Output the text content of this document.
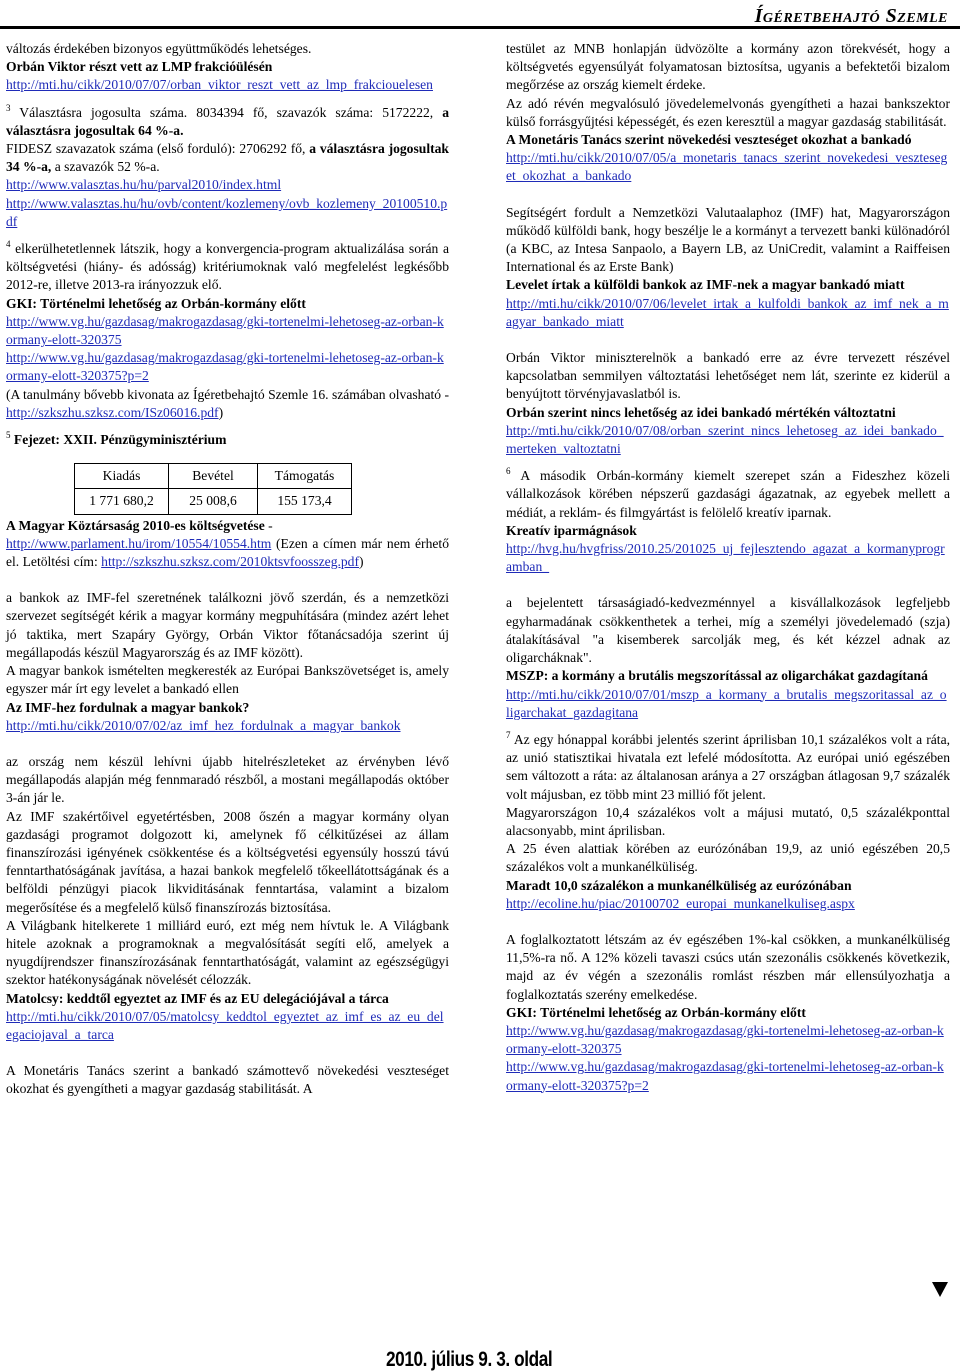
Ígéretbehajtó Szemle

változás érdekében bizonyos együttműködés lehetséges.

Orbán Viktor részt vett az LMP frakcióülésén

http://mti.hu/cikk/2010/07/07/orban_viktor_reszt_vett_az_lmp_frakciouelesen

$^3$ Választásra jogosulta száma. 8034394 fő, szavazók száma: 5172222, a választásra jogosultak 64 %-a.

FIDESZ szavazatok száma (első forduló): 2706292 fő, a választásra jogosultak 34 %-a, a szavazók 52 %-a.

http://www.valasztas.hu/hu/parval2010/index.html

http://www.valasztas.hu/hu/ovb/content/kozlemeny/ovb_kozlemeny_20100510.pdf

$^4$ elkerülhetetlennek látszik, hogy a konvergencia-program aktualizálása során a költségvetési (hiány- és adósság) kritériumoknak való megfelelést legkésőbb 2012-re, illetve 2013-ra irányozzuk elő.

GKI: Történelmi lehetőség az Orbán-kormány előtt

http://www.vg.hu/gazdasag/makrogazdasag/gki-tortenelmi-lehetoseg-az-orban-kormany-elott-320375

http://www.vg.hu/gazdasag/makrogazdasag/gki-tortenelmi-lehetoseg-az-orban-kormany-elott-320375?p=2

(A tanulmány bővebb kivonata az Ígéretbehajtó Szemle 16. számában olvasható - http://szkszhu.szksz.com/ISz06016.pdf)

$^5$ Fejezet: XXII. Pénzügyminisztérium

Kiadás	Bevétel	Támogatás
1 771 680,2	25 008,6	155 173,4

A Magyar Köztársaság 2010-es költségvetése -

http://www.parlament.hu/irom/10554/10554.htm (Ezen a címen már nem érhető el. Letöltési cím: http://szkszhu.szksz.com/2010ktsvfoosszeg.pdf)

a bankok az IMF-fel szeretnének találkozni jövő szerdán, és a nemzetközi szervezet segítségét kérik a magyar kormány megpuhítására (mindez azért lehet jó taktika, mert Szapáry György, Orbán Viktor főtanácsadója szerint új megállapodás készül Magyarország és az IMF között).

A magyar bankok ismételten megkeresték az Európai Bankszövetséget is, amely egyszer már írt egy levelet a bankadó ellen

Az IMF-hez fordulnak a magyar bankok?

http://mti.hu/cikk/2010/07/02/az_imf_hez_fordulnak_a_magyar_bankok

az ország nem készül lehívni újabb hitelrészleteket az érvényben lévő megállapodás alapján még fennmaradó részből, a mostani megállapodás október 3-án jár le.

Az IMF szakértőivel egyetértésben, 2008 őszén a magyar kormány olyan gazdasági programot dolgozott ki, amelynek fő célkitűzései az állam finanszírozási igényének csökkentése és a költségvetési egyensúly hosszú távú fenntarthatóságának javítása, a hazai bankok megfelelő tőkeellátottságának és a belföldi pénzügyi piacok likviditásának fenntartása, valamint a bizalom megerősítése és a megfelelő külső finanszírozás biztosítása.

A Világbank hitelkerete 1 milliárd euró, ezt még nem hívtuk le. A Világbank hitele azoknak a programoknak a megvalósítását segíti elő, amelyek a nyugdíjrendszer finanszírozásának fenntarthatóságát, valamint az egészségügyi szektor hatékonyságának növelését célozzák.

Matolcsy: keddtől egyeztet az IMF és az EU delegációjával a tárca

http://mti.hu/cikk/2010/07/05/matolcsy_keddtol_egyeztet_az_imf_es_az_eu_delegaciojaval_a_tarca

A Monetáris Tanács szerint a bankadó számottevő növekedési veszteséget okozhat és gyengítheti a magyar gazdaság stabilitását. A

testület az MNB honlapján üdvözölte a kormány azon törekvését, hogy a költségvetés egyensúlyát folyamatosan biztosítsa, ugyanis a befektetői bizalom megőrzése az ország kiemelt érdeke.

Az adó révén megvalósuló jövedelemelvonás gyengítheti a hazai bankszektor külső forrásgyűjtési képességét, és ezen keresztül a magyar gazdaság stabilitását.

A Monetáris Tanács szerint növekedési veszteséget okozhat a bankadó

http://mti.hu/cikk/2010/07/05/a_monetaris_tanacs_szerint_novekedesi_veszteseget_okozhat_a_bankado

Segítségért fordult a Nemzetközi Valutaalaphoz (IMF) hat, Magyarországon működő külföldi bank, hogy beszélje le a kormányt a tervezett banki különadóról (a KBC, az Intesa Sanpaolo, a Bayern LB, az UniCredit, valamint a Raiffeisen International és az Erste Bank)

Levelet írtak a külföldi bankok az IMF-nek a magyar bankadó miatt

http://mti.hu/cikk/2010/07/06/levelet_irtak_a_kulfoldi_bankok_az_imf_nek_a_magyar_bankado_miatt

Orbán Viktor miniszterelnök a bankadó erre az évre tervezett részével kapcsolatban semmilyen változtatási lehetőséget nem lát, szerinte ez kiderül a benyújtott törvényjavaslatból is.

Orbán szerint nincs lehetőség az idei bankadó mértékén változtatni

http://mti.hu/cikk/2010/07/08/orban_szerint_nincs_lehetoseg_az_idei_bankado_merteken_valtoztatni

$^6$ A második Orbán-kormány kiemelt szerepet szán a Fideszhez közeli vállalkozások körében népszerű gazdasági ágazatnak, az egyebek mellett a médiát, a reklám- és filmgyártást is felölelő kreatív iparnak.

Kreatív iparmágnások

http://hvg.hu/hvgfriss/2010.25/201025_uj_fejlesztendo_agazat_a_kormanyprogramban_

a bejelentett társaságiadó-kedvezménnyel a kisvállalkozások legfeljebb egyharmadának csökkenthetek a terhei, míg a személyi jövedelemadó (szja) átalakításával "a kisemberek sarcolják meg, és két kézzel adnak az oligarcháknak".

MSZP: a kormány a brutális megszorítással az oligarchákat gazdagítaná

http://mti.hu/cikk/2010/07/01/mszp_a_kormany_a_brutalis_megszoritassal_az_oligarchakat_gazdagitana

$^7$ Az egy hónappal korábbi jelentés szerint áprilisban 10,1 százalékos volt a ráta, az unió statisztikai hivatala ezt lefelé módosította. Az európai unió egészében sem változott a ráta: az általanosan aránya a 27 országban átlagosan 9,7 százalék volt májusban, ez több mint 23 millió főt jelent.

Magyarországon 10,4 százalékos volt a májusi mutató, 0,5 százalékponttal alacsonyabb, mint áprilisban.

A 25 éven alattiak körében az eurózónában 19,9, az unió egészében 20,5 százalékos volt a munkanélküliség.

Maradt 10,0 százalékon a munkanélküliség az eurózónában

http://ecoline.hu/piac/20100702_europai_munkanelkuliseg.aspx

A foglalkoztatott létszám az év egészében 1%-kal csökken, a munkanélküliség 11,5%-ra nő. A 12% közeli tavaszi csúcs után szezonális csökkenés következik, majd az év végén a szezonális romlást részben már ellensúlyozhatja a foglalkoztatás szerény emelkedése.

GKI: Történelmi lehetőség az Orbán-kormány előtt

http://www.vg.hu/gazdasag/makrogazdasag/gki-tortenelmi-lehetoseg-az-orban-kormany-elott-320375

http://www.vg.hu/gazdasag/makrogazdasag/gki-tortenelmi-lehetoseg-az-orban-kormany-elott-320375?p=2

2010. július 9. 3. oldal
